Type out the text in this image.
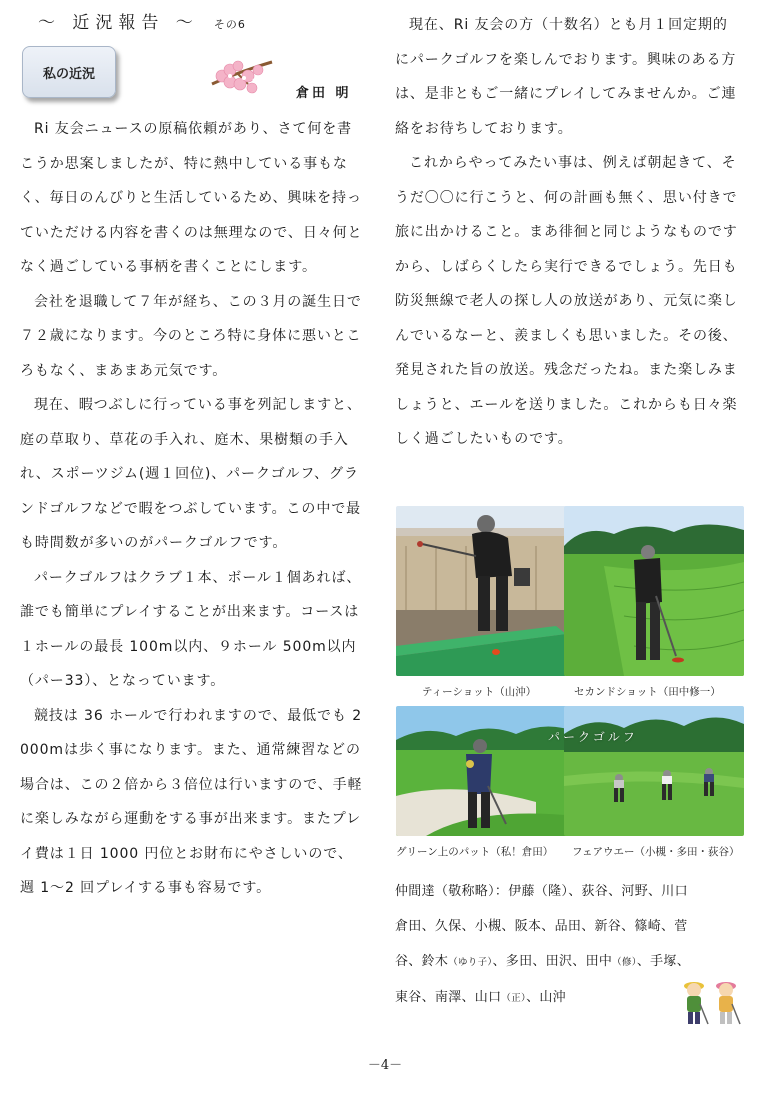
～ 近況報告 ～ その6
私の近況
倉田 明

Ri 友会ニュースの原稿依頼があり、さて何を書こうか思案しましたが、特に熱中している事もなく、毎日のんびりと生活しているため、興味を持っていただける内容を書くのは無理なので、日々何となく過ごしている事柄を書くことにします。

会社を退職して７年が経ち、この３月の誕生日で７２歳になります。今のところ特に身体に悪いところもなく、まあまあ元気です。

現在、暇つぶしに行っている事を列記しますと、庭の草取り、草花の手入れ、庭木、果樹類の手入れ、スポーツジム(週１回位)、パークゴルフ、グランドゴルフなどで暇をつぶしています。この中で最も時間数が多いのがパークゴルフです。

パークゴルフはクラブ１本、ボール１個あれば、誰でも簡単にプレイすることが出来ます。コースは１ホールの最長 100m以内、９ホール 500m以内（パー33）、となっています。

競技は 36 ホールで行われますので、最低でも 2000mは歩く事になります。また、通常練習などの場合は、この２倍から３倍位は行いますので、手軽に楽しみながら運動をする事が出来ます。またプレイ費は１日 1000 円位とお財布にやさしいので、週 1～2 回プレイする事も容易です。

現在、Ri 友会の方（十数名）とも月１回定期的にパークゴルフを楽しんでおります。興味のある方は、是非ともご一緒にプレイしてみませんか。ご連絡をお待ちしております。

これからやってみたい事は、例えば朝起きて、そうだ〇〇に行こうと、何の計画も無く、思い付きで旅に出かけること。まあ徘徊と同じようなものですから、しばらくしたら実行できるでしょう。先日も防災無線で老人の探し人の放送があり、元気に楽しんでいるなーと、羨ましくも思いました。その後、発見された旨の放送。残念だったね。また楽しみましょうと、エールを送りました。これからも日々楽しく過ごしたいものです。

ティーショット（山沖）	セカンドショット（田中修一）
パークゴルフ
グリーン上のパット（私！倉田） フェアウエー（小槻・多田・荻谷）
仲間達（敬称略）：伊藤（隆）、荻谷、河野、川口
倉田、久保、小槻、阪本、品田、新谷、篠崎、菅
谷、鈴木（ゆり子）、多田、田沢、田中（修）、手塚、
東谷、南澤、山口（正）、山沖
－4－
